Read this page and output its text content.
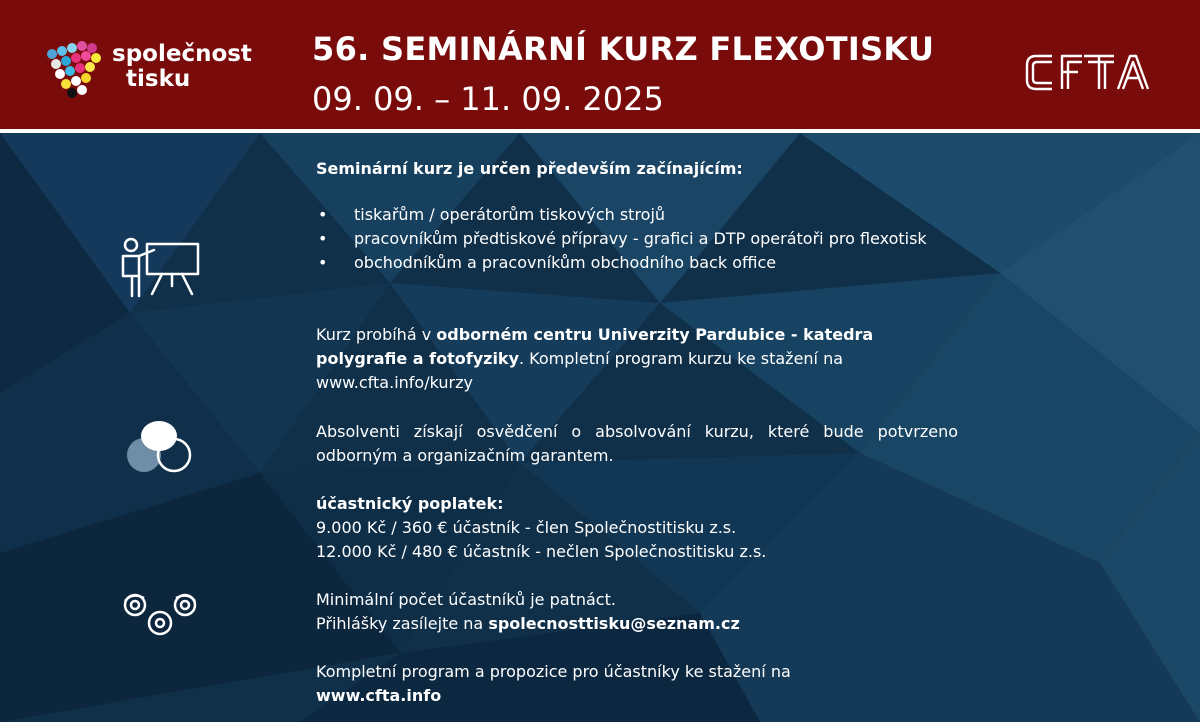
společnost
tisku
56. SEMINÁRNÍ KURZ FLEXOTISKU
09. 09. – 11. 09. 2025

Seminární kurz je určen především začínajícím:

• tiskařům / operátorům tiskových strojů
• pracovníkům předtiskové přípravy - grafici a DTP operátoři pro flexotisk
• obchodníkům a pracovníkům obchodního back office

Kurz probíhá v odborném centru Univerzity Pardubice - katedra polygrafie a fotofyziky. Kompletní program kurzu ke stažení na www.cfta.info/kurzy

Absolventi získají osvědčení o absolvování kurzu, které bude potvrzeno odborným a organizačním garantem.

účastnický poplatek:

9.000 Kč / 360 € účastník - člen Společnostitisku z.s.

12.000 Kč / 480 € účastník - nečlen Společnostitisku z.s.

Minimální počet účastníků je patnáct.

Přihlášky zasílejte na spolecnosttisku@seznam.cz

Kompletní program a propozice pro účastníky ke stažení na

www.cfta.info
